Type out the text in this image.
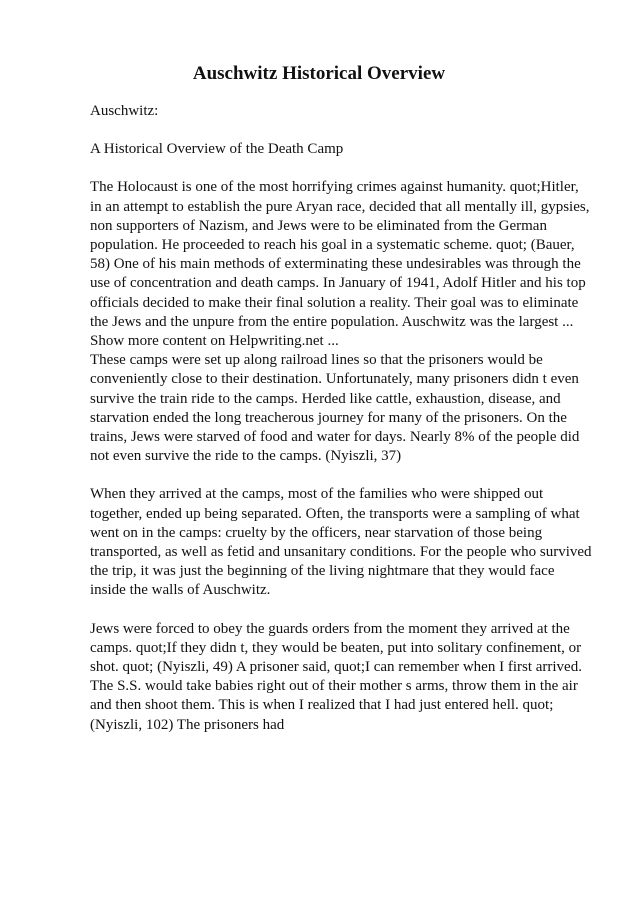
Auschwitz Historical Overview

Auschwitz:

A Historical Overview of the Death Camp

The Holocaust is one of the most horrifying crimes against humanity. quot;Hitler, in an attempt to establish the pure Aryan race, decided that all mentally ill, gypsies, non supporters of Nazism, and Jews were to be eliminated from the German population. He proceeded to reach his goal in a systematic scheme. quot; (Bauer, 58) One of his main methods of exterminating these undesirables was through the use of concentration and death camps. In January of 1941, Adolf Hitler and his top officials decided to make their final solution a reality. Their goal was to eliminate the Jews and the unpure from the entire population. Auschwitz was the largest ... Show more content on Helpwriting.net ...

These camps were set up along railroad lines so that the prisoners would be conveniently close to their destination. Unfortunately, many prisoners didn t even survive the train ride to the camps. Herded like cattle, exhaustion, disease, and starvation ended the long treacherous journey for many of the prisoners. On the trains, Jews were starved of food and water for days. Nearly 8% of the people did not even survive the ride to the camps. (Nyiszli, 37)

When they arrived at the camps, most of the families who were shipped out together, ended up being separated. Often, the transports were a sampling of what went on in the camps: cruelty by the officers, near starvation of those being transported, as well as fetid and unsanitary conditions. For the people who survived the trip, it was just the beginning of the living nightmare that they would face inside the walls of Auschwitz.

Jews were forced to obey the guards orders from the moment they arrived at the camps. quot;If they didn t, they would be beaten, put into solitary confinement, or shot. quot; (Nyiszli, 49) A prisoner said, quot;I can remember when I first arrived. The S.S. would take babies right out of their mother s arms, throw them in the air and then shoot them. This is when I realized that I had just entered hell. quot; (Nyiszli, 102) The prisoners had
